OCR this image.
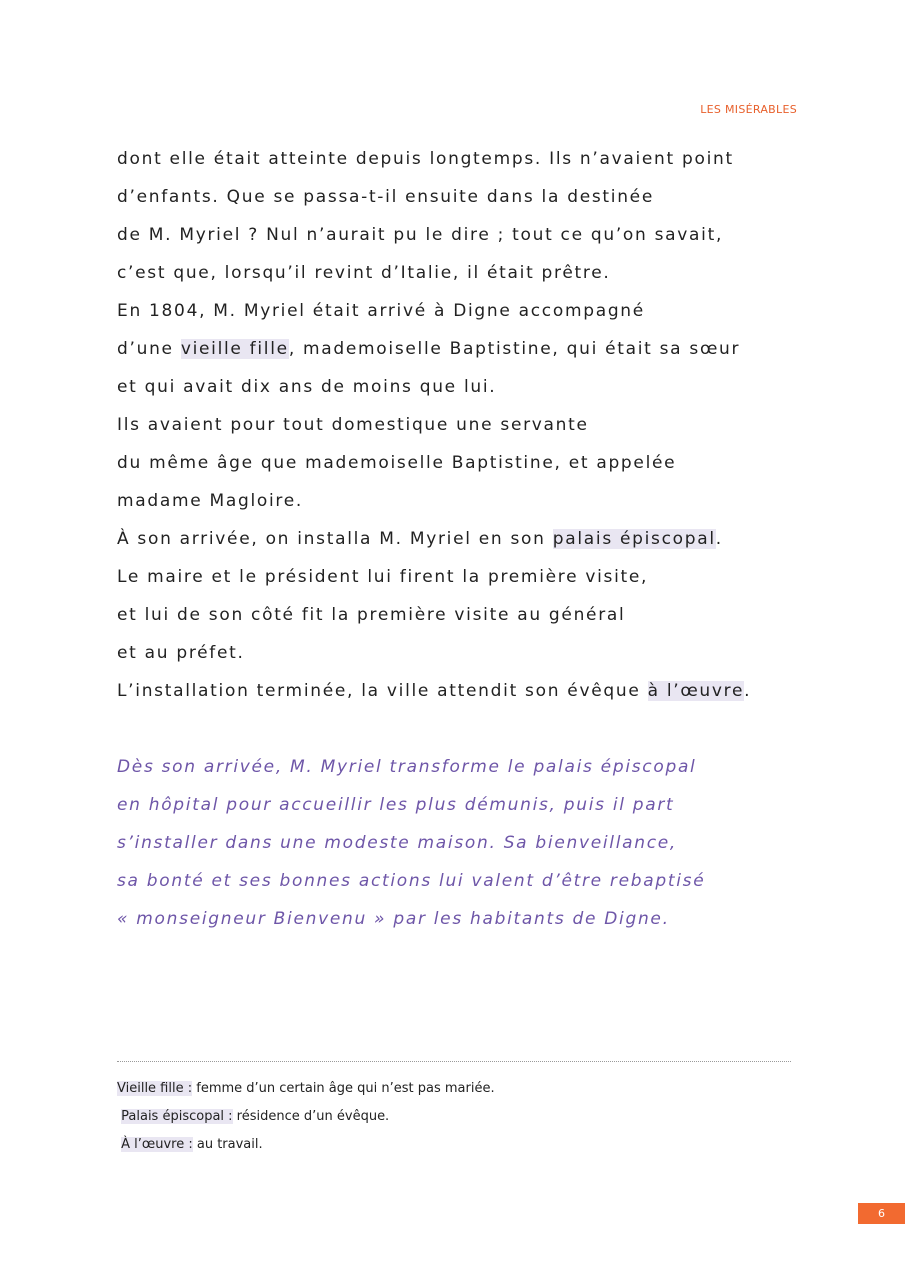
LES MISÉRABLES
dont elle était atteinte depuis longtemps. Ils n’avaient point
d’enfants. Que se passa-t-il ensuite dans la destinée
de M. Myriel ? Nul n’aurait pu le dire ; tout ce qu’on savait,
c’est que, lorsqu’il revint d’Italie, il était prêtre.
En 1804, M. Myriel était arrivé à Digne accompagné
d’une vieille fille, mademoiselle Baptistine, qui était sa sœur
et qui avait dix ans de moins que lui.
Ils avaient pour tout domestique une servante
du même âge que mademoiselle Baptistine, et appelée
madame Magloire.
À son arrivée, on installa M. Myriel en son palais épiscopal.
Le maire et le président lui firent la première visite,
et lui de son côté fit la première visite au général
et au préfet.
L’installation terminée, la ville attendit son évêque à l’œuvre.
Dès son arrivée, M. Myriel transforme le palais épiscopal
en hôpital pour accueillir les plus démunis, puis il part
s’installer dans une modeste maison. Sa bienveillance,
sa bonté et ses bonnes actions lui valent d’être rebaptisé
« monseigneur Bienvenu » par les habitants de Digne.
Vieille fille : femme d’un certain âge qui n’est pas mariée.
Palais épiscopal : résidence d’un évêque.
À l’œuvre : au travail.
6
